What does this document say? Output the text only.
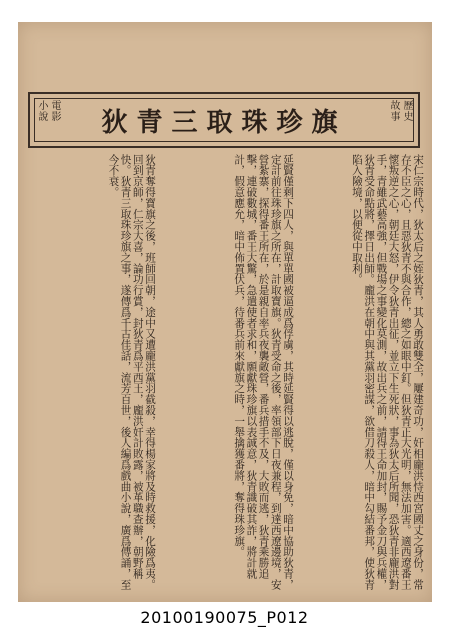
歷史
故事
狄青三取珠珍旗
電影
小說
宋仁宗時代，狄太后之姪狄青，其人勇敢雙全，屢建奇功，奸相龐洪恃西宮國丈之身份，常存不臣之心，且惡狄青不與合作，總之如眼中釘。但狄青正大光明，無法加害。適西遼番王懷叛逆之心，朝廷大怒，伊令狄青出征，並立下生死狀，事為狄太后所聞，恐狄青非龐洪對手，青雖武藝高強，但戰場之事變化莫測，故出兵之前，請得王命加封，賜予金刀與兵權，狄青受命點將，擇日出師。龐洪在朝中與其黨羽密謀，欲借刀殺人，暗中勾結番邦，使狄青陷入險境，以便從中取利。
延賢僅剩下四人，與單單國被逼成爲俘虜，其時延賢得以逃脫，僅以身免，暗中協助狄青，定計前往珠珍旗之所在，計取寶旗。狄青受命之後，率領部下日夜兼程，到達西遼邊境，安營紮寨，探得番王所在，於是親自率兵夜襲敵營，番兵措手不及，大敗而逃，狄青乘勝追擊，連破數城，番王大驚，急遣使者求和，願獻珠珍旗以表誠意，狄青識破其詐，將計就計，假意應允，暗中佈置伏兵，待番兵前來獻旗之時，一舉擒獲番將，奪得珠珍旗。
狄青奪得寶旗之後，班師回朝，途中又遭龐洪黨羽截殺，幸得楊家將及時救援，化險爲夷。回到京師，仁宗大喜，論功行賞，封狄青爲平西王，龐洪奸計敗露，被革職查辦，朝野稱快。狄青三取珠珍旗之事，遂傳爲千古佳話，流芳百世，後人編爲戲曲小說，廣爲傳誦，至今不衰。
20100190075_P012
